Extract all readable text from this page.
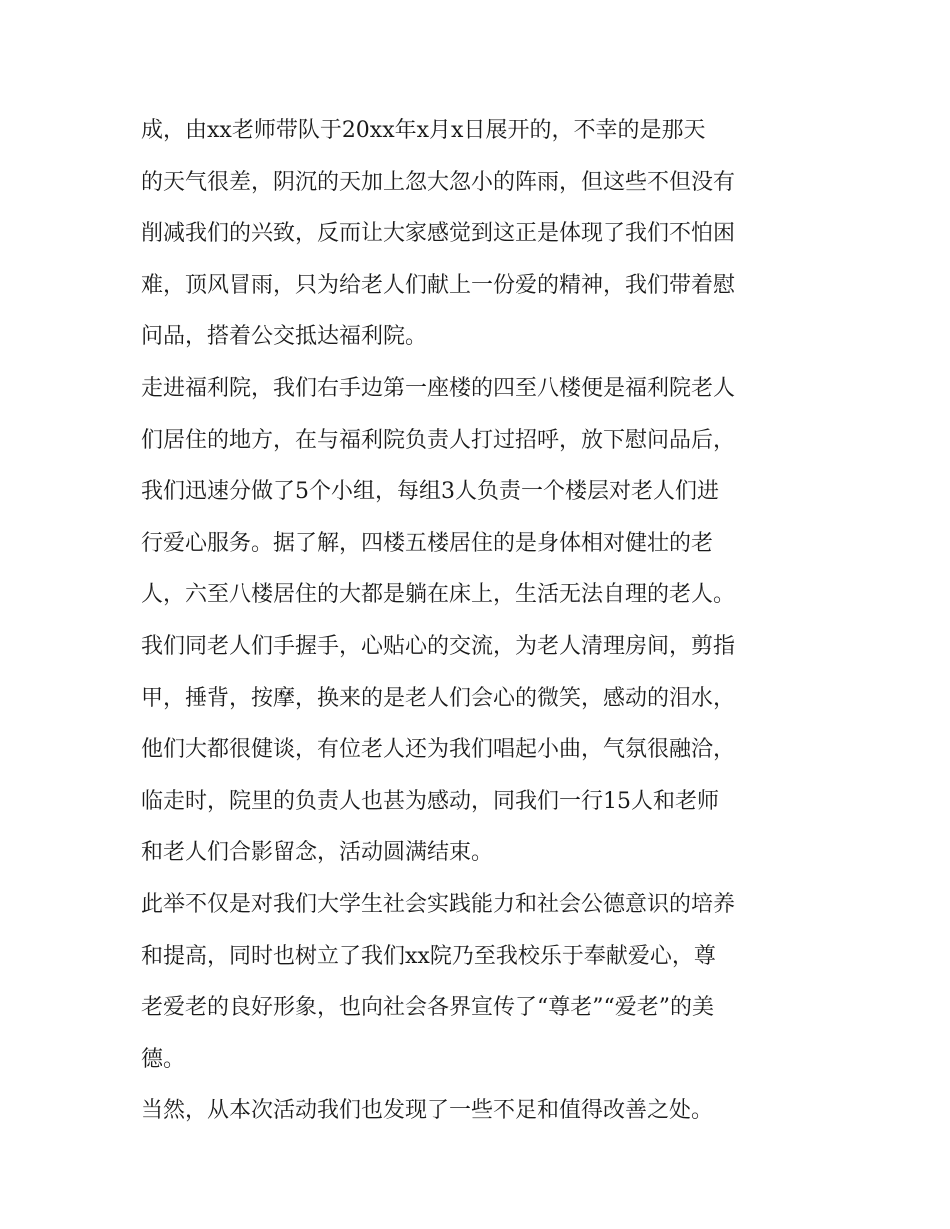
成，由xx老师带队于20xx年x月x日展开的，不幸的是那天
的天气很差，阴沉的天加上忽大忽小的阵雨，但这些不但没有
削减我们的兴致，反而让大家感觉到这正是体现了我们不怕困
难，顶风冒雨，只为给老人们献上一份爱的精神，我们带着慰
问品，搭着公交抵达福利院。
走进福利院，我们右手边第一座楼的四至八楼便是福利院老人
们居住的地方，在与福利院负责人打过招呼，放下慰问品后，
我们迅速分做了5个小组，每组3人负责一个楼层对老人们进
行爱心服务。据了解，四楼五楼居住的是身体相对健壮的老
人，六至八楼居住的大都是躺在床上，生活无法自理的老人。
我们同老人们手握手，心贴心的交流，为老人清理房间，剪指
甲，捶背，按摩，换来的是老人们会心的微笑，感动的泪水，
他们大都很健谈，有位老人还为我们唱起小曲，气氛很融洽，
临走时，院里的负责人也甚为感动，同我们一行15人和老师
和老人们合影留念，活动圆满结束。
此举不仅是对我们大学生社会实践能力和社会公德意识的培养
和提高，同时也树立了我们xx院乃至我校乐于奉献爱心，尊
老爱老的良好形象，也向社会各界宣传了“尊老”“爱老”的美
德。
当然，从本次活动我们也发现了一些不足和值得改善之处。
